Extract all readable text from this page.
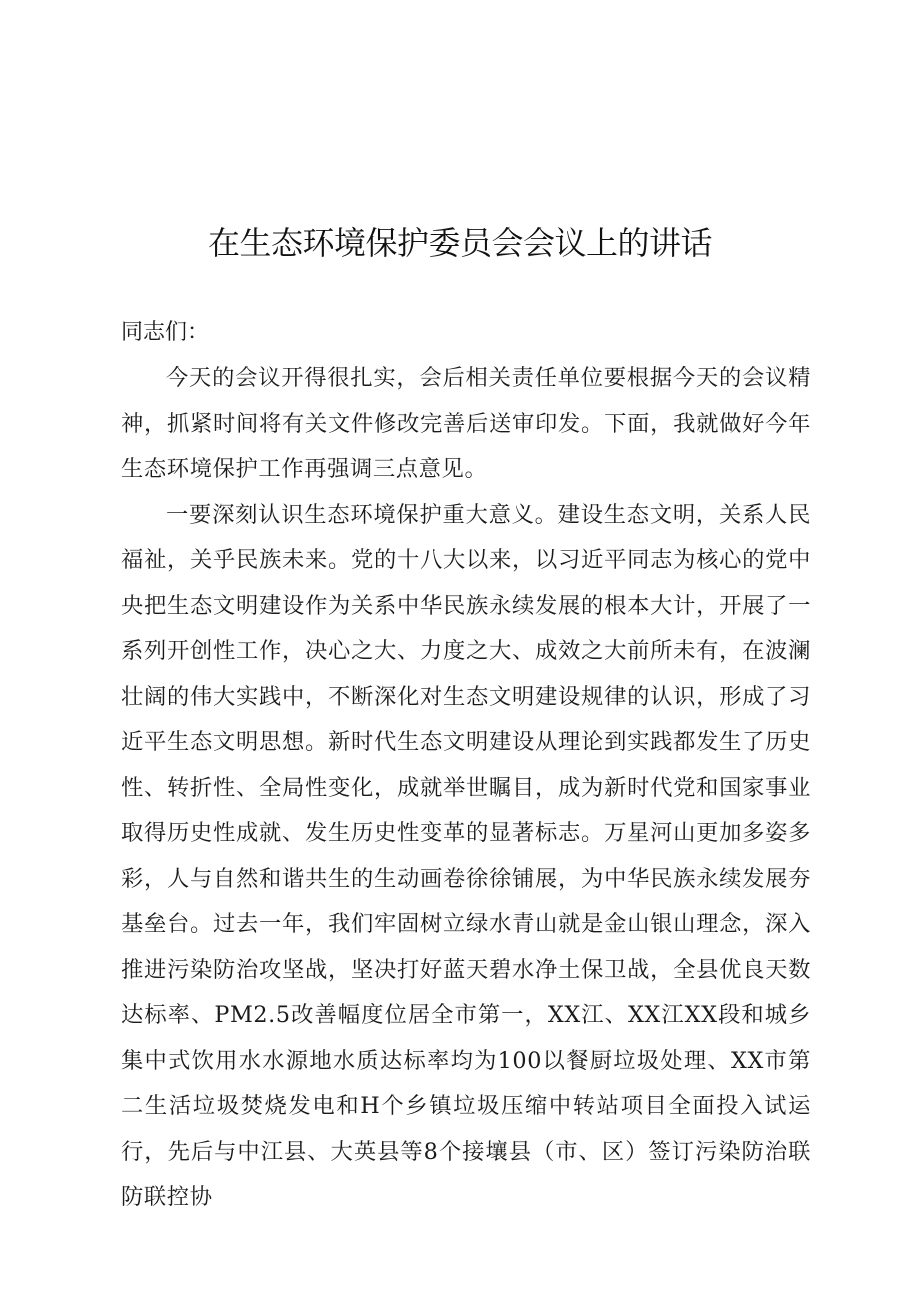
在生态环境保护委员会会议上的讲话

同志们：

今天的会议开得很扎实，会后相关责任单位要根据今天的会议精神，抓紧时间将有关文件修改完善后送审印发。下面，我就做好今年生态环境保护工作再强调三点意见。

一要深刻认识生态环境保护重大意义。建设生态文明，关系人民福祉，关乎民族未来。党的十八大以来，以习近平同志为核心的党中央把生态文明建设作为关系中华民族永续发展的根本大计，开展了一系列开创性工作，决心之大、力度之大、成效之大前所未有，在波澜壮阔的伟大实践中，不断深化对生态文明建设规律的认识，形成了习近平生态文明思想。新时代生态文明建设从理论到实践都发生了历史性、转折性、全局性变化，成就举世瞩目，成为新时代党和国家事业取得历史性成就、发生历史性变革的显著标志。万星河山更加多姿多彩，人与自然和谐共生的生动画卷徐徐铺展，为中华民族永续发展夯基垒台。过去一年，我们牢固树立绿水青山就是金山银山理念，深入推进污染防治攻坚战，坚决打好蓝天碧水净土保卫战，全县优良天数达标率、PM2.5改善幅度位居全市第一，XX江、XX江XX段和城乡集中式饮用水水源地水质达标率均为100以餐厨垃圾处理、XX市第二生活垃圾焚烧发电和H个乡镇垃圾压缩中转站项目全面投入试运行，先后与中江县、大英县等8个接壤县（市、区）签订污染防治联防联控协
